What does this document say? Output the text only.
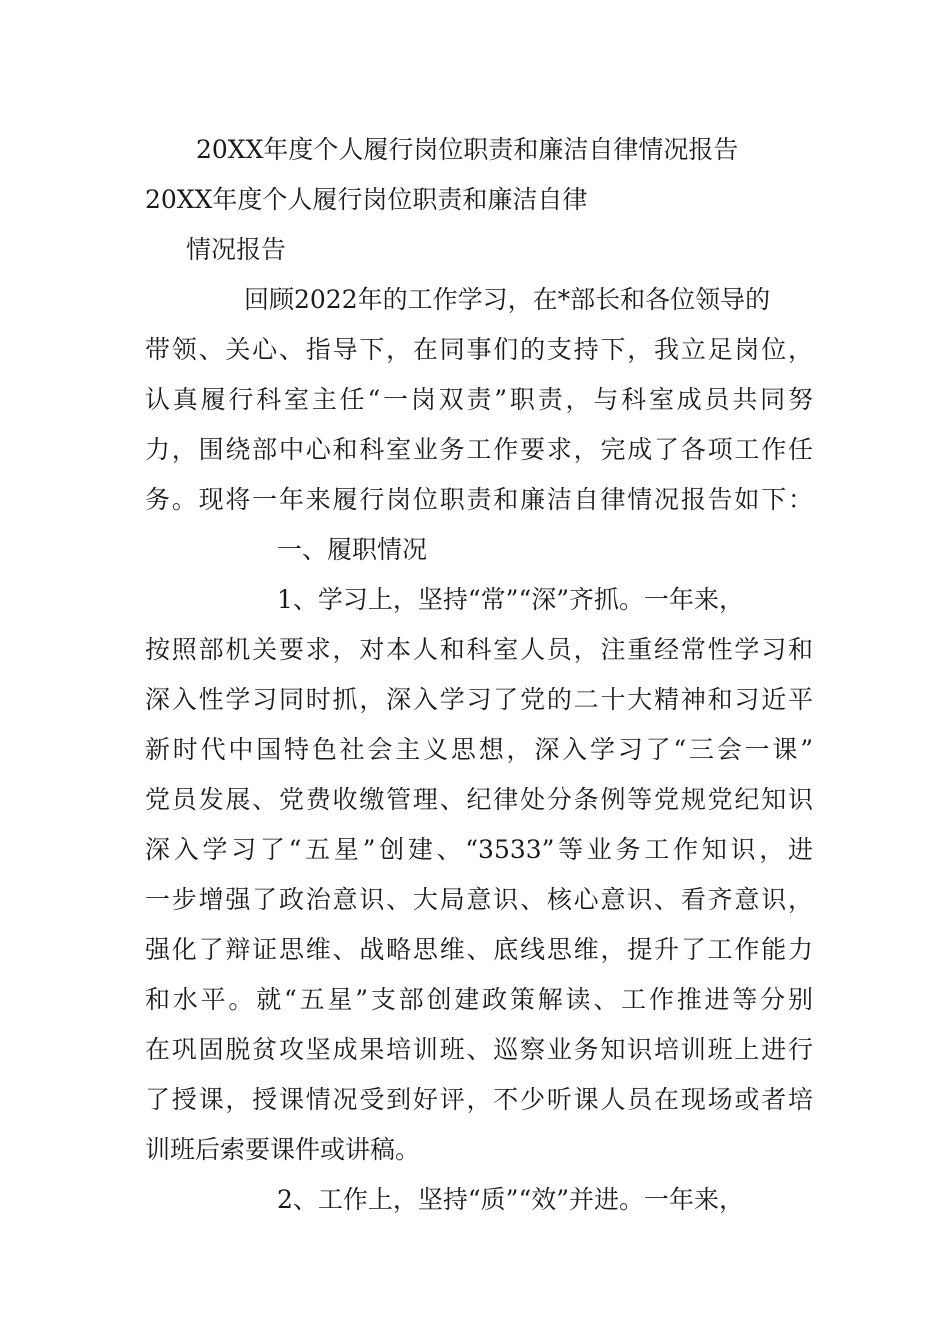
20XX年度个人履行岗位职责和廉洁自律情况报告
20XX年度个人履行岗位职责和廉洁自律
情况报告
回顾2022年的工作学习，在*部长和各位领导的
带领、关心、指导下，在同事们的支持下，我立足岗位，
认真履行科室主任“一岗双责”职责，与科室成员共同努
力，围绕部中心和科室业务工作要求，完成了各项工作任
务。现将一年来履行岗位职责和廉洁自律情况报告如下：
一、履职情况
1、学习上，坚持“常”“深”齐抓。一年来，
按照部机关要求，对本人和科室人员，注重经常性学习和
深入性学习同时抓，深入学习了党的二十大精神和习近平
新时代中国特色社会主义思想，深入学习了“三会一课”
党员发展、党费收缴管理、纪律处分条例等党规党纪知识
深入学习了“五星”创建、“3533”等业务工作知识，进
一步增强了政治意识、大局意识、核心意识、看齐意识，
强化了辩证思维、战略思维、底线思维，提升了工作能力
和水平。就“五星”支部创建政策解读、工作推进等分别
在巩固脱贫攻坚成果培训班、巡察业务知识培训班上进行
了授课，授课情况受到好评，不少听课人员在现场或者培
训班后索要课件或讲稿。
2、工作上，坚持“质”“效”并进。一年来，
